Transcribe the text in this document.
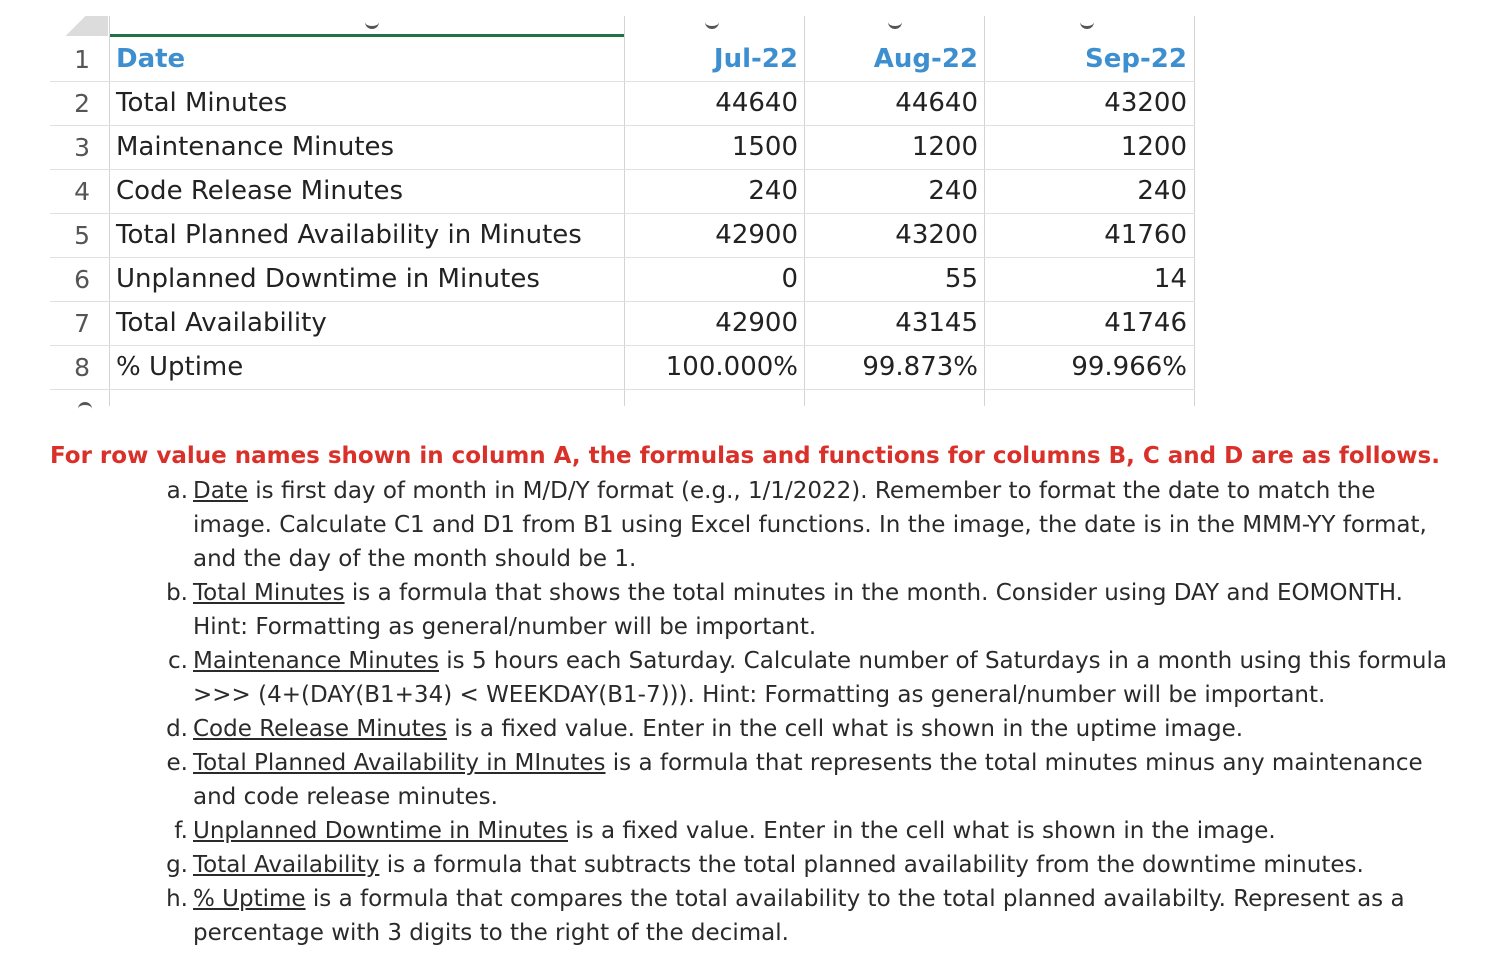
1 Date	Jul-22	Aug-22	Sep-22
2 Total Minutes	44640	44640	43200
3 Maintenance Minutes	1500	1200	1200
4 Code Release Minutes	240	240	240
5 Total Planned Availability in Minutes	42900	43200	41760
6 Unplanned Downtime in Minutes	0	55	14
7 Total Availability	42900	43145	41746
8 % Uptime	100.000% 99.873%	99.966%
For row value names shown in column A, the formulas and functions for columns B, C and D are as follows.
a. Date is first day of month in M/D/Y format (e.g., 1/1/2022). Remember to format the date to match the image. Calculate C1 and D1 from B1 using Excel functions. In the image, the date is in the MMM-YY format, and the day of the month should be 1.
b. Total Minutes is a formula that shows the total minutes in the month. Consider using DAY and EOMONTH. Hint: Formatting as general/number will be important.
c. Maintenance Minutes is 5 hours each Saturday. Calculate number of Saturdays in a month using this formula >>> (4+(DAY(B1+34) < WEEKDAY(B1-7))). Hint: Formatting as general/number will be important.
d. Code Release Minutes is a fixed value. Enter in the cell what is shown in the uptime image.
e. Total Planned Availability in MInutes is a formula that represents the total minutes minus any maintenance and code release minutes.
f. Unplanned Downtime in Minutes is a fixed value. Enter in the cell what is shown in the image.
g. Total Availability is a formula that subtracts the total planned availability from the downtime minutes.
h. % Uptime is a formula that compares the total availability to the total planned availabilty. Represent as a percentage with 3 digits to the right of the decimal.
